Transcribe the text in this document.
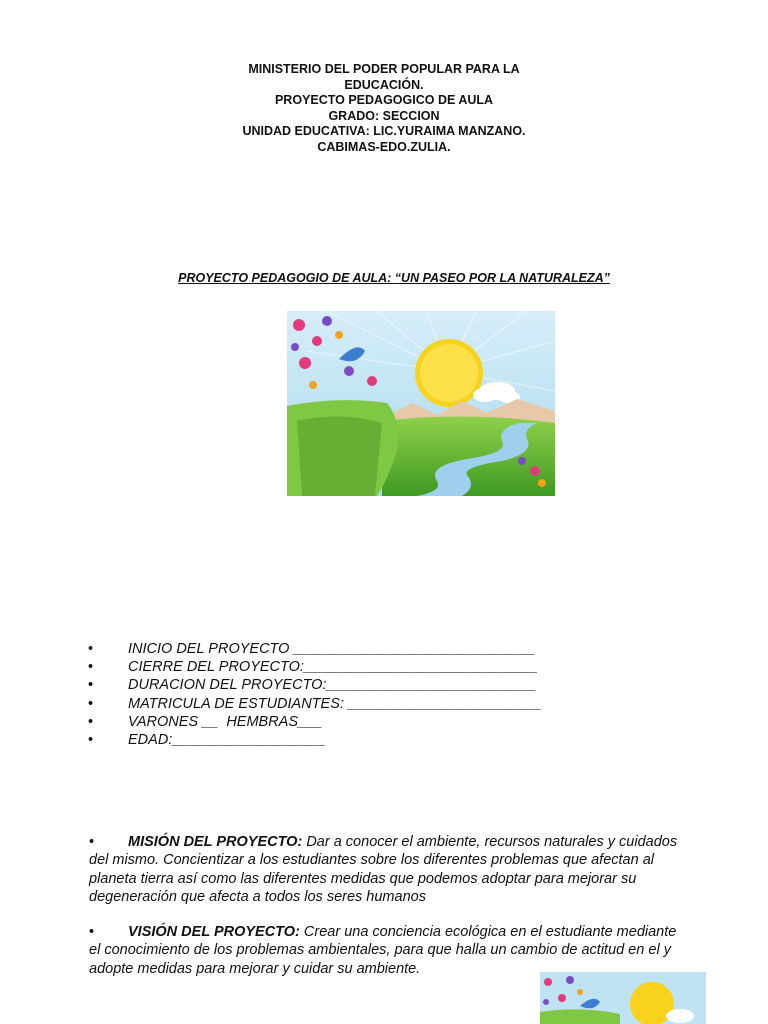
MINISTERIO DEL PODER POPULAR PARA LA
EDUCACIÓN.
PROYECTO PEDAGOGICO DE AULA
GRADO: SECCION
UNIDAD EDUCATIVA: LIC.YURAIMA MANZANO.
CABIMAS-EDO.ZULIA.
PROYECTO PEDAGOGIO DE AULA: “UN PASEO POR LA NATURALEZA”
• INICIO DEL PROYECTO ______________________________
• CIERRE DEL PROYECTO:_____________________________
• DURACION DEL PROYECTO:__________________________
• MATRICULA DE ESTUDIANTES: ________________________
• VARONES __  HEMBRAS___
• EDAD:___________________

• MISIÓN DEL PROYECTO: Dar a conocer el ambiente, recursos naturales y cuidados del mismo. Concientizar a los estudiantes sobre los diferentes problemas que afectan al planeta tierra así como las diferentes medidas que podemos adoptar para mejorar su degeneración que afecta a todos los seres humanos

• VISIÓN DEL PROYECTO: Crear una conciencia ecológica en el estudiante mediante el conocimiento de los problemas ambientales, para que halla un cambio de actitud en el y adopte medidas para mejorar y cuidar su ambiente.
